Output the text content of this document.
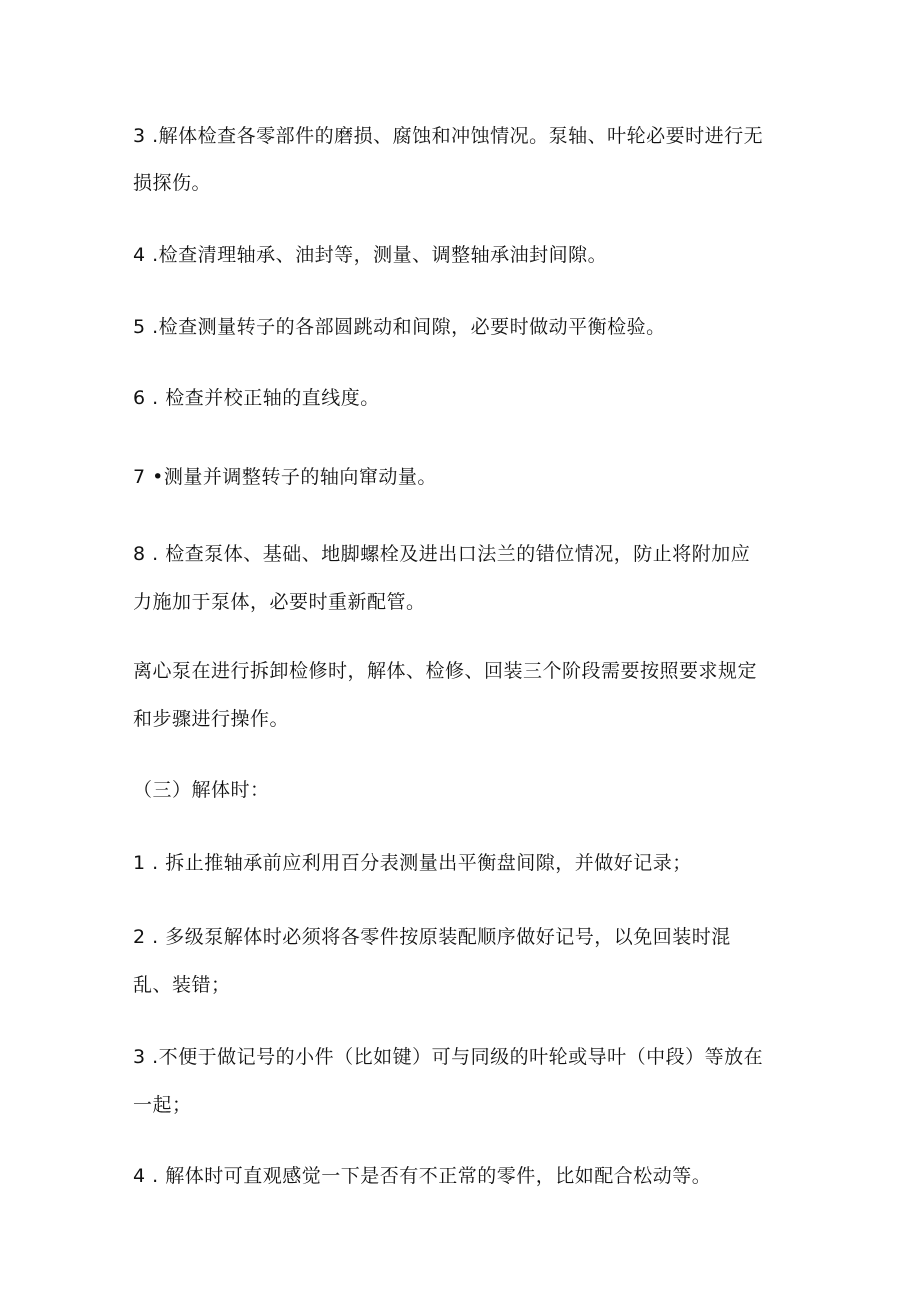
3 .解体检查各零部件的磨损、腐蚀和冲蚀情况。泵轴、叶轮必要时进行无
损探伤。
4 .检查清理轴承、油封等，测量、调整轴承油封间隙。
5 .检查测量转子的各部圆跳动和间隙，必要时做动平衡检验。
6 . 检查并校正轴的直线度。
7 •测量并调整转子的轴向窜动量。
8 . 检查泵体、基础、地脚螺栓及进出口法兰的错位情况，防止将附加应
力施加于泵体，必要时重新配管。
离心泵在进行拆卸检修时，解体、检修、回装三个阶段需要按照要求规定
和步骤进行操作。
（三）解体时：
1 . 拆止推轴承前应利用百分表测量出平衡盘间隙，并做好记录；
2 . 多级泵解体时必须将各零件按原装配顺序做好记号，以免回装时混
乱、装错；
3 .不便于做记号的小件（比如键）可与同级的叶轮或导叶（中段）等放在
一起；
4 . 解体时可直观感觉一下是否有不正常的零件，比如配合松动等。
